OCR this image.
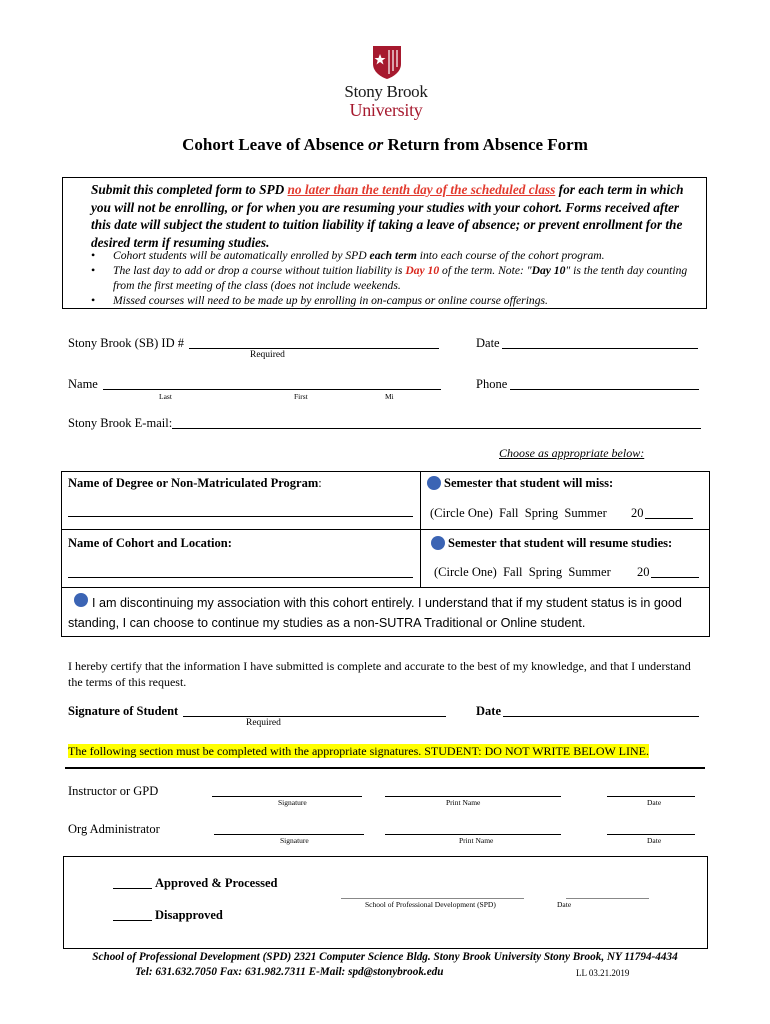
Stony Brook
University
Cohort Leave of Absence or Return from Absence Form
Submit this completed form to SPD no later than the tenth day of the scheduled class for each term in which you will not be enrolling, or for when you are resuming your studies with your cohort. Forms received after this date will subject the student to tuition liability if taking a leave of absence; or prevent enrollment for the desired term if resuming studies.
• Cohort students will be automatically enrolled by SPD each term into each course of the cohort program.
• The last day to add or drop a course without tuition liability is Day 10 of the term. Note: "Day 10" is the tenth day counting from the first meeting of the class (does not include weekends.
• Missed courses will need to be made up by enrolling in on-campus or online course offerings.
Stony Brook (SB) ID #
Required
Date
Name
Last	First	Mi
Phone
Stony Brook E-mail:
Choose as appropriate below:
Name of Degree or Non-Matriculated Program:	Semester that student will miss:
(Circle One) Fall Spring Summer 20
Name of Cohort and Location:	Semester that student will resume studies:
(Circle One) Fall Spring Summer 20
I am discontinuing my association with this cohort entirely. I understand that if my student status is in good standing, I can choose to continue my studies as a non-SUTRA Traditional or Online student.
I hereby certify that the information I have submitted is complete and accurate to the best of my knowledge, and that I understand the terms of this request.
Signature of Student
Required
Date
The following section must be completed with the appropriate signatures. STUDENT: DO NOT WRITE BELOW LINE.
Instructor or GPD
Signature	Print Name	Date
Org Administrator
Signature	Print Name	Date
Approved & Processed
School of Professional Development (SPD)	Date
Disapproved
School of Professional Development (SPD) 2321 Computer Science Bldg. Stony Brook University Stony Brook, NY 11794-4434
Tel: 631.632.7050 Fax: 631.982.7311 E-Mail: spd@stonybrook.edu	LL 03.21.2019
